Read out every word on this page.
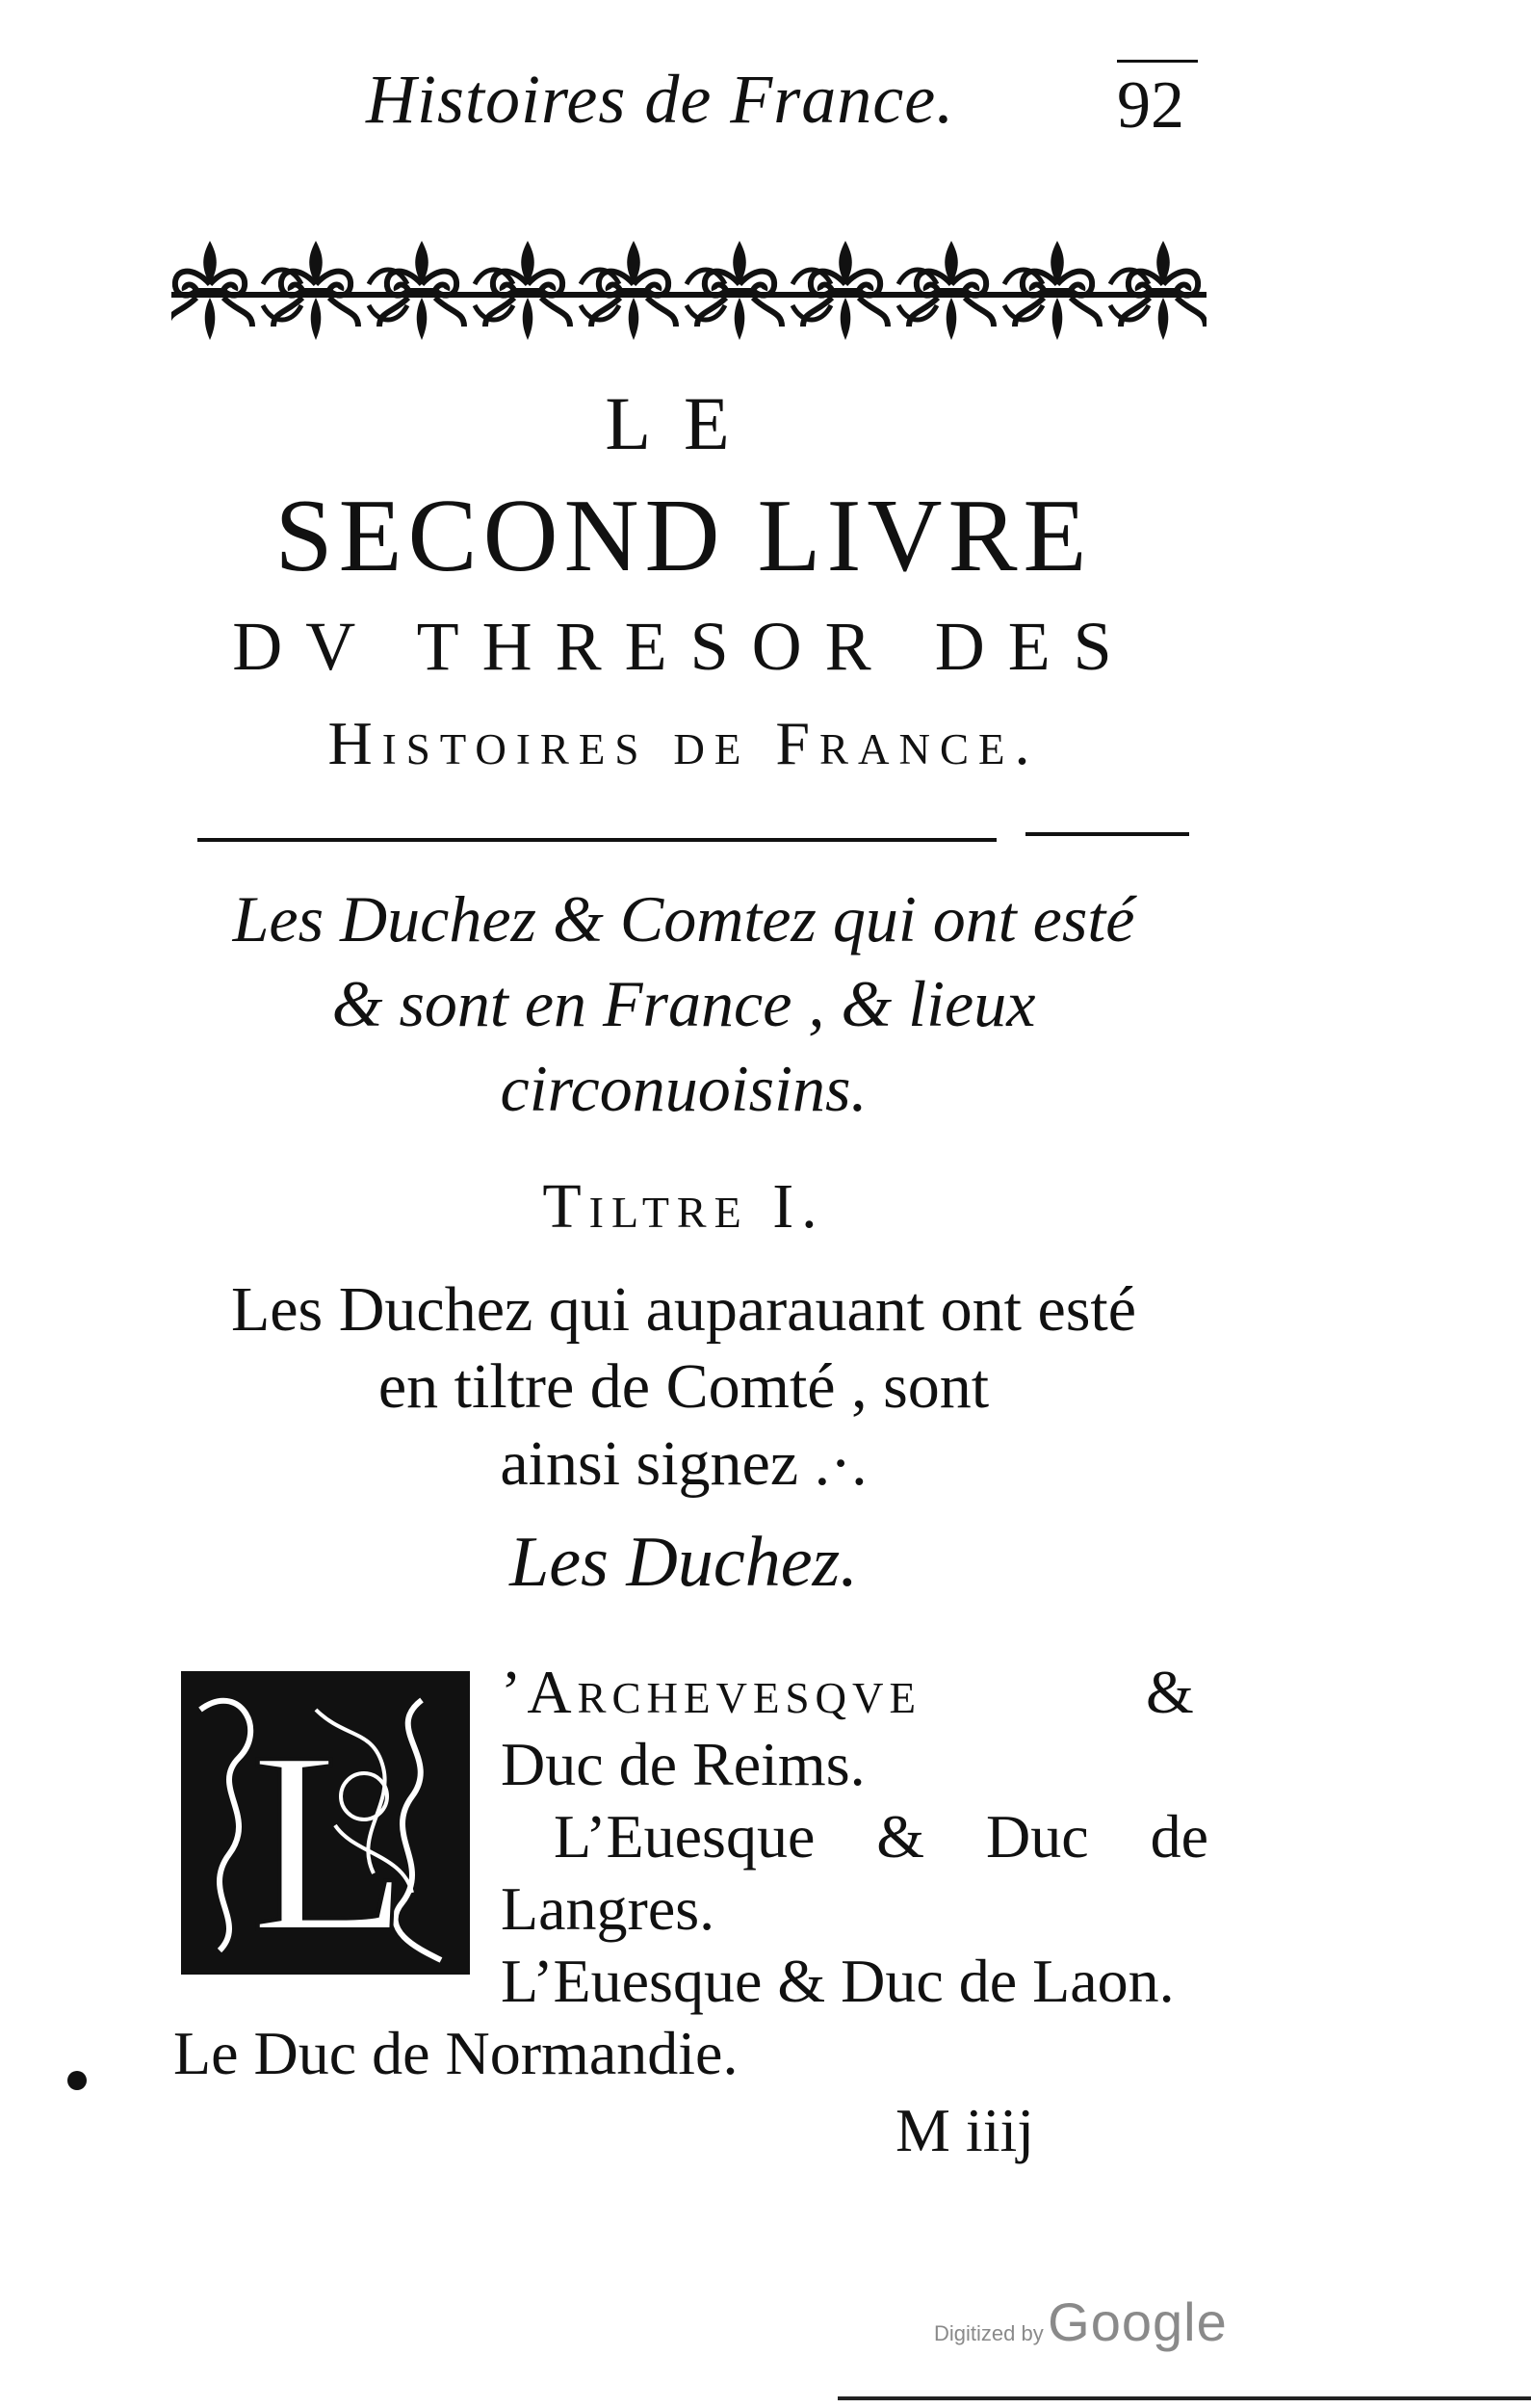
Histoires de France. 92
LE
SECOND LIVRE
DV THRESOR DES
Histoires de France.
Les Duchez & Comtez qui ont esté
& sont en France , & lieux
circonuoisins.
Tiltre I.
Les Duchez qui auparauant ont esté
en tiltre de Comté , sont
ainsi signez .·.
Les Duchez.
L
’Archevesqve	&
Duc de Reims.
L’Euesque & Duc de
Langres.
L’Euesque & Duc de Laon.
Le Duc de Normandie.
M iiij
Digitized by Google
